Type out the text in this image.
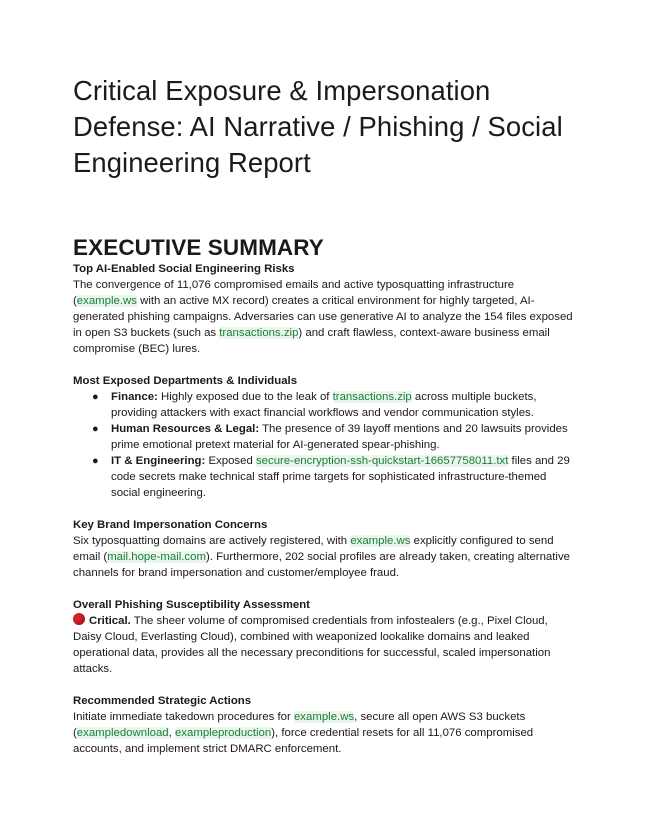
Critical Exposure & Impersonation Defense: AI Narrative / Phishing / Social Engineering Report
EXECUTIVE SUMMARY

Top AI-Enabled Social Engineering Risks

The convergence of 11,076 compromised emails and active typosquatting infrastructure (example.ws with an active MX record) creates a critical environment for highly targeted, AI-generated phishing campaigns. Adversaries can use generative AI to analyze the 154 files exposed in open S3 buckets (such as transactions.zip) and craft flawless, context-aware business email compromise (BEC) lures.

Most Exposed Departments & Individuals

● Finance: Highly exposed due to the leak of transactions.zip across multiple buckets, providing attackers with exact financial workflows and vendor communication styles.
● Human Resources & Legal: The presence of 39 layoff mentions and 20 lawsuits provides prime emotional pretext material for AI-generated spear-phishing.
● IT & Engineering: Exposed secure-encryption-ssh-quickstart-16657758011.txt files and 29 code secrets make technical staff prime targets for sophisticated infrastructure-themed social engineering.

Key Brand Impersonation Concerns

Six typosquatting domains are actively registered, with example.ws explicitly configured to send email (mail.hope-mail.com). Furthermore, 202 social profiles are already taken, creating alternative channels for brand impersonation and customer/employee fraud.

Overall Phishing Susceptibility Assessment

Critical. The sheer volume of compromised credentials from infostealers (e.g., Pixel Cloud, Daisy Cloud, Everlasting Cloud), combined with weaponized lookalike domains and leaked operational data, provides all the necessary preconditions for successful, scaled impersonation attacks.

Recommended Strategic Actions

Initiate immediate takedown procedures for example.ws, secure all open AWS S3 buckets (exampledownload, exampleproduction), force credential resets for all 11,076 compromised accounts, and implement strict DMARC enforcement.
